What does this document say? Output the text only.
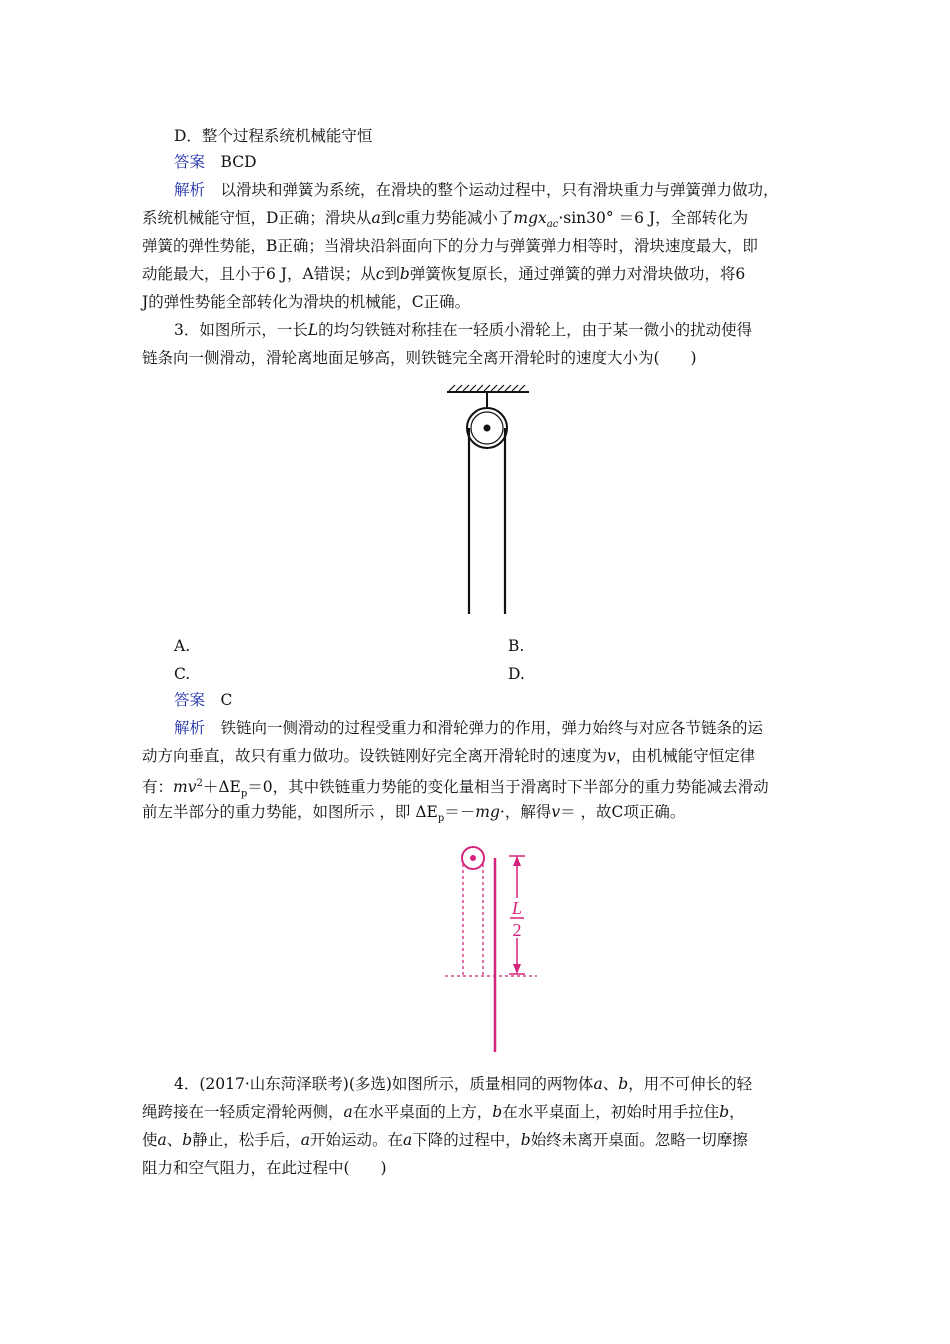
D．整个过程系统机械能守恒
答案　 BCD
解析　 以滑块和弹簧为系统，在滑块的整个运动过程中，只有滑块重力与弹簧弹力做功，
系统机械能守恒，D正确；滑块从a到c重力势能减小了mgx$_{ac}$·sin30° ＝6 J，全部转化为
弹簧的弹性势能，B正确；当滑块沿斜面向下的分力与弹簧弹力相等时，滑块速度最大，即
动能最大，且小于6 J，A错误；从c到b弹簧恢复原长，通过弹簧的弹力对滑块做功，将6
J的弹性势能全部转化为滑块的机械能，C正确。
3．如图所示，一长L的均匀铁链对称挂在一轻质小滑轮上，由于某一微小的扰动使得
链条向一侧滑动，滑轮离地面足够高，则铁链完全离开滑轮时的速度大小为(　　)
A.	B.
C.	D.
答案　 C
解析　 铁链向一侧滑动的过程受重力和滑轮弹力的作用，弹力始终与对应各节链条的运
动方向垂直，故只有重力做功。设铁链刚好完全离开滑轮时的速度为v，由机械能守恒定律
有：$mv^2+\Delta E_p=0$，其中铁链重力势能的变化量相当于滑离时下半部分的重力势能减去滑动
前左半部分的重力势能，如图所示 ，即 $\Delta E_p=-mg\cdot$，解得v＝ ，故C项正确。
L
2
4．(2017·山东菏泽联考)(多选)如图所示，质量相同的两物体a、b，用不可伸长的轻
绳跨接在一轻质定滑轮两侧，a在水平桌面的上方，b在水平桌面上，初始时用手拉住b，
使a、b静止，松手后，a开始运动。在a下降的过程中，b始终未离开桌面。忽略一切摩擦
阻力和空气阻力，在此过程中(　　)
